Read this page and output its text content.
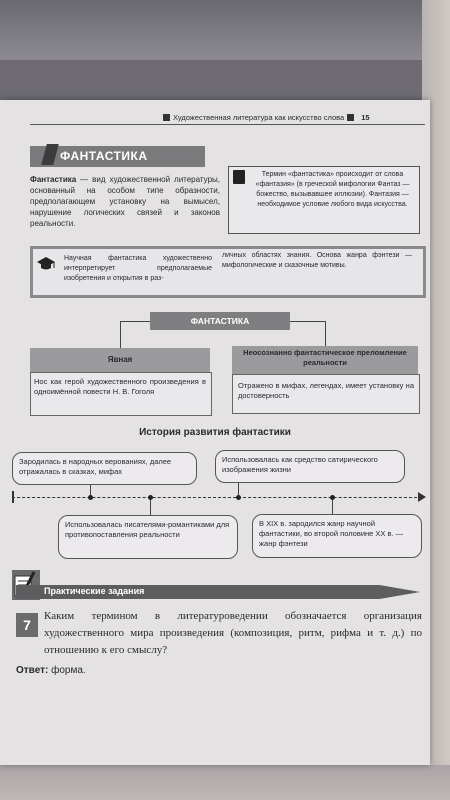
Художественная литература как искусство слова 15
ФАНТАСТИКА
Фантастика — вид художественной литературы, основанный на особом типе образности, предполагающем установку на вымысел, нарушение логических связей и законов реальности.
Термин «фантастика» происходит от слова «фантазия» (в греческой мифологии Фантаз — божество, вызывавшее иллюзии). Фантазия — необходимое условие любого вида искусства.
Научная фантастика художественно интерпретирует предполагаемые изобретения и открытия в раз-
личных областях знания. Основа жанра фэнтези — мифологические и сказочные мотивы.
ФАНТАСТИКА
Явная
Нос как герой художественного произведения в одноимённой повести Н. В. Гоголя
Неосознанно фантастическое преломление реальности
Отражено в мифах, легендах, имеет установку на достоверность
История развития фантастики
Зародилась в народных верованиях, далее отражалась в сказках, мифах
Использовалась как средство сатирического изображения жизни
Использовалась писателями-романтиками для противопоставления реальности
В XIX в. зародился жанр научной фантастики, во второй половине XX в. — жанр фэнтези
Практические задания
7
Каким термином в литературоведении обозначается организация художественного мира произведения (композиция, ритм, рифма и т. д.) по отношению к его смыслу?
Ответ: форма.
